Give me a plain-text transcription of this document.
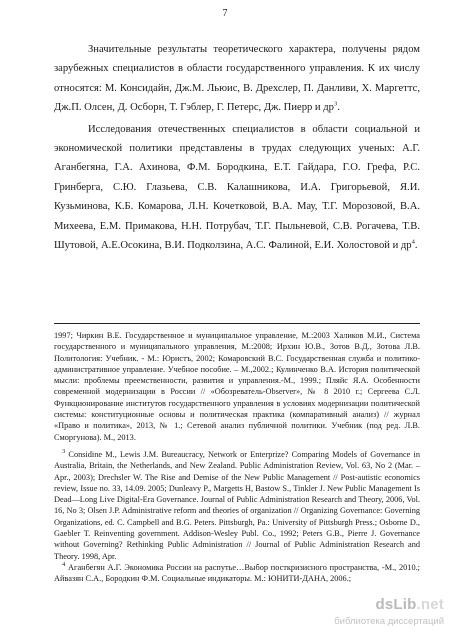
7

Значительные результаты теоретического характера, получены рядом зарубежных специалистов в области государственного управления. К их числу относятся: М. Консидайн, Дж.М. Льюис, В. Дрехслер, П. Данливи, Х. Маргеттс, Дж.П. Олсен, Д. Осборн, Т. Гэблер, Г. Петерс, Дж. Пиерр и $др^3$.

Исследования отечественных специалистов в области социальной и экономической политики представлены в трудах следующих ученых: А.Г. Аганбегяна, Г.А. Ахинова, Ф.М. Бородкина, Е.Т. Гайдара, Г.О. Грефа, Р.С. Гринберга, С.Ю. Глазьева, С.В. Калашникова, И.А. Григорьевой, Я.И. Кузьминова, К.Б. Комарова, Л.Н. Кочетковой, В.А. Мау, Т.Г. Морозовой, В.А. Михеева, Е.М. Примакова, Н.Н. Потрубач, Т.Г. Пыльневой, С.В. Рогачева, Т.В. Шутовой, А.Е.Осокина, В.И. Подколзина, А.С. Фалиной, Е.И. Холостовой и $др^4$.

1997; Чиркин В.Е. Государственное и муниципальное управление, М.:2003 Халиков М.И., Система государственного и муниципального управления, М.:2008; Ирхин Ю.В., Зотов В.Д., Зотова Л.В. Политология: Учебник. - М.: Юристъ, 2002; Комаровский В.С. Государственная служба и политико-административное управление. Учебное пособие. – М.,2002.; Кулинченко В.А. История политической мысли: проблемы преемственности, развития и управления.-М., 1999.; Пляйс Я.А. Особенности современной модернизации в России // «Обозреватель-Observer», № 8 2010 г.; Сергеева С.Л. Функционирование институтов государственного управления в условиях модернизации политической системы: конституционные основы и политическая практика (компаративный анализ) // журнал «Право и политика», 2013, № 1.; Сетевой анализ публичной политики. Учебник (под ред. Л.В. Сморгунова). М., 2013.

$^3$ Considine M., Lewis J.M. Bureaucracy, Network or Enterprize? Comparing Models of Governance in Australia, Britain, the Netherlands, and New Zealand. Public Administration Review, Vol. 63, No 2 (Mar. – Apr., 2003); Drechsler W. The Rise and Demise of the New Public Management // Post-autistic economics review, Issue no. 33, 14.09. 2005; Dunleavy P., Margetts H, Bastow S., Tinkler J. New Public Management Is Dead—Long Live Digital-Era Governance. Journal of Public Administration Research and Theory, 2006, Vol. 16, No 3; Olsen J.P. Administrative reform and theories of organization // Organizing Governance: Governing Organizations, ed. C. Campbell and B.G. Peters. Pittsburgh, Pa.: University of Pittsburgh Press.; Osborne D., Gaebler T. Reinventing government. Addison-Wesley Publ. Co., 1992; Peters G.B., Pierre J. Governance without Governing? Rethinking Public Administration // Journal of Public Administration Research and Theory. 1998, Apr.

$^4$ Аганбегян А.Г. Экономика России на распутье…Выбор посткризисного пространства, -М., 2010.; Айвазян С.А., Бородкин Ф.М. Социальные индикаторы. М.: ЮНИТИ-ДАНА, 2006.;

dsLib.net
библиотека диссертаций
